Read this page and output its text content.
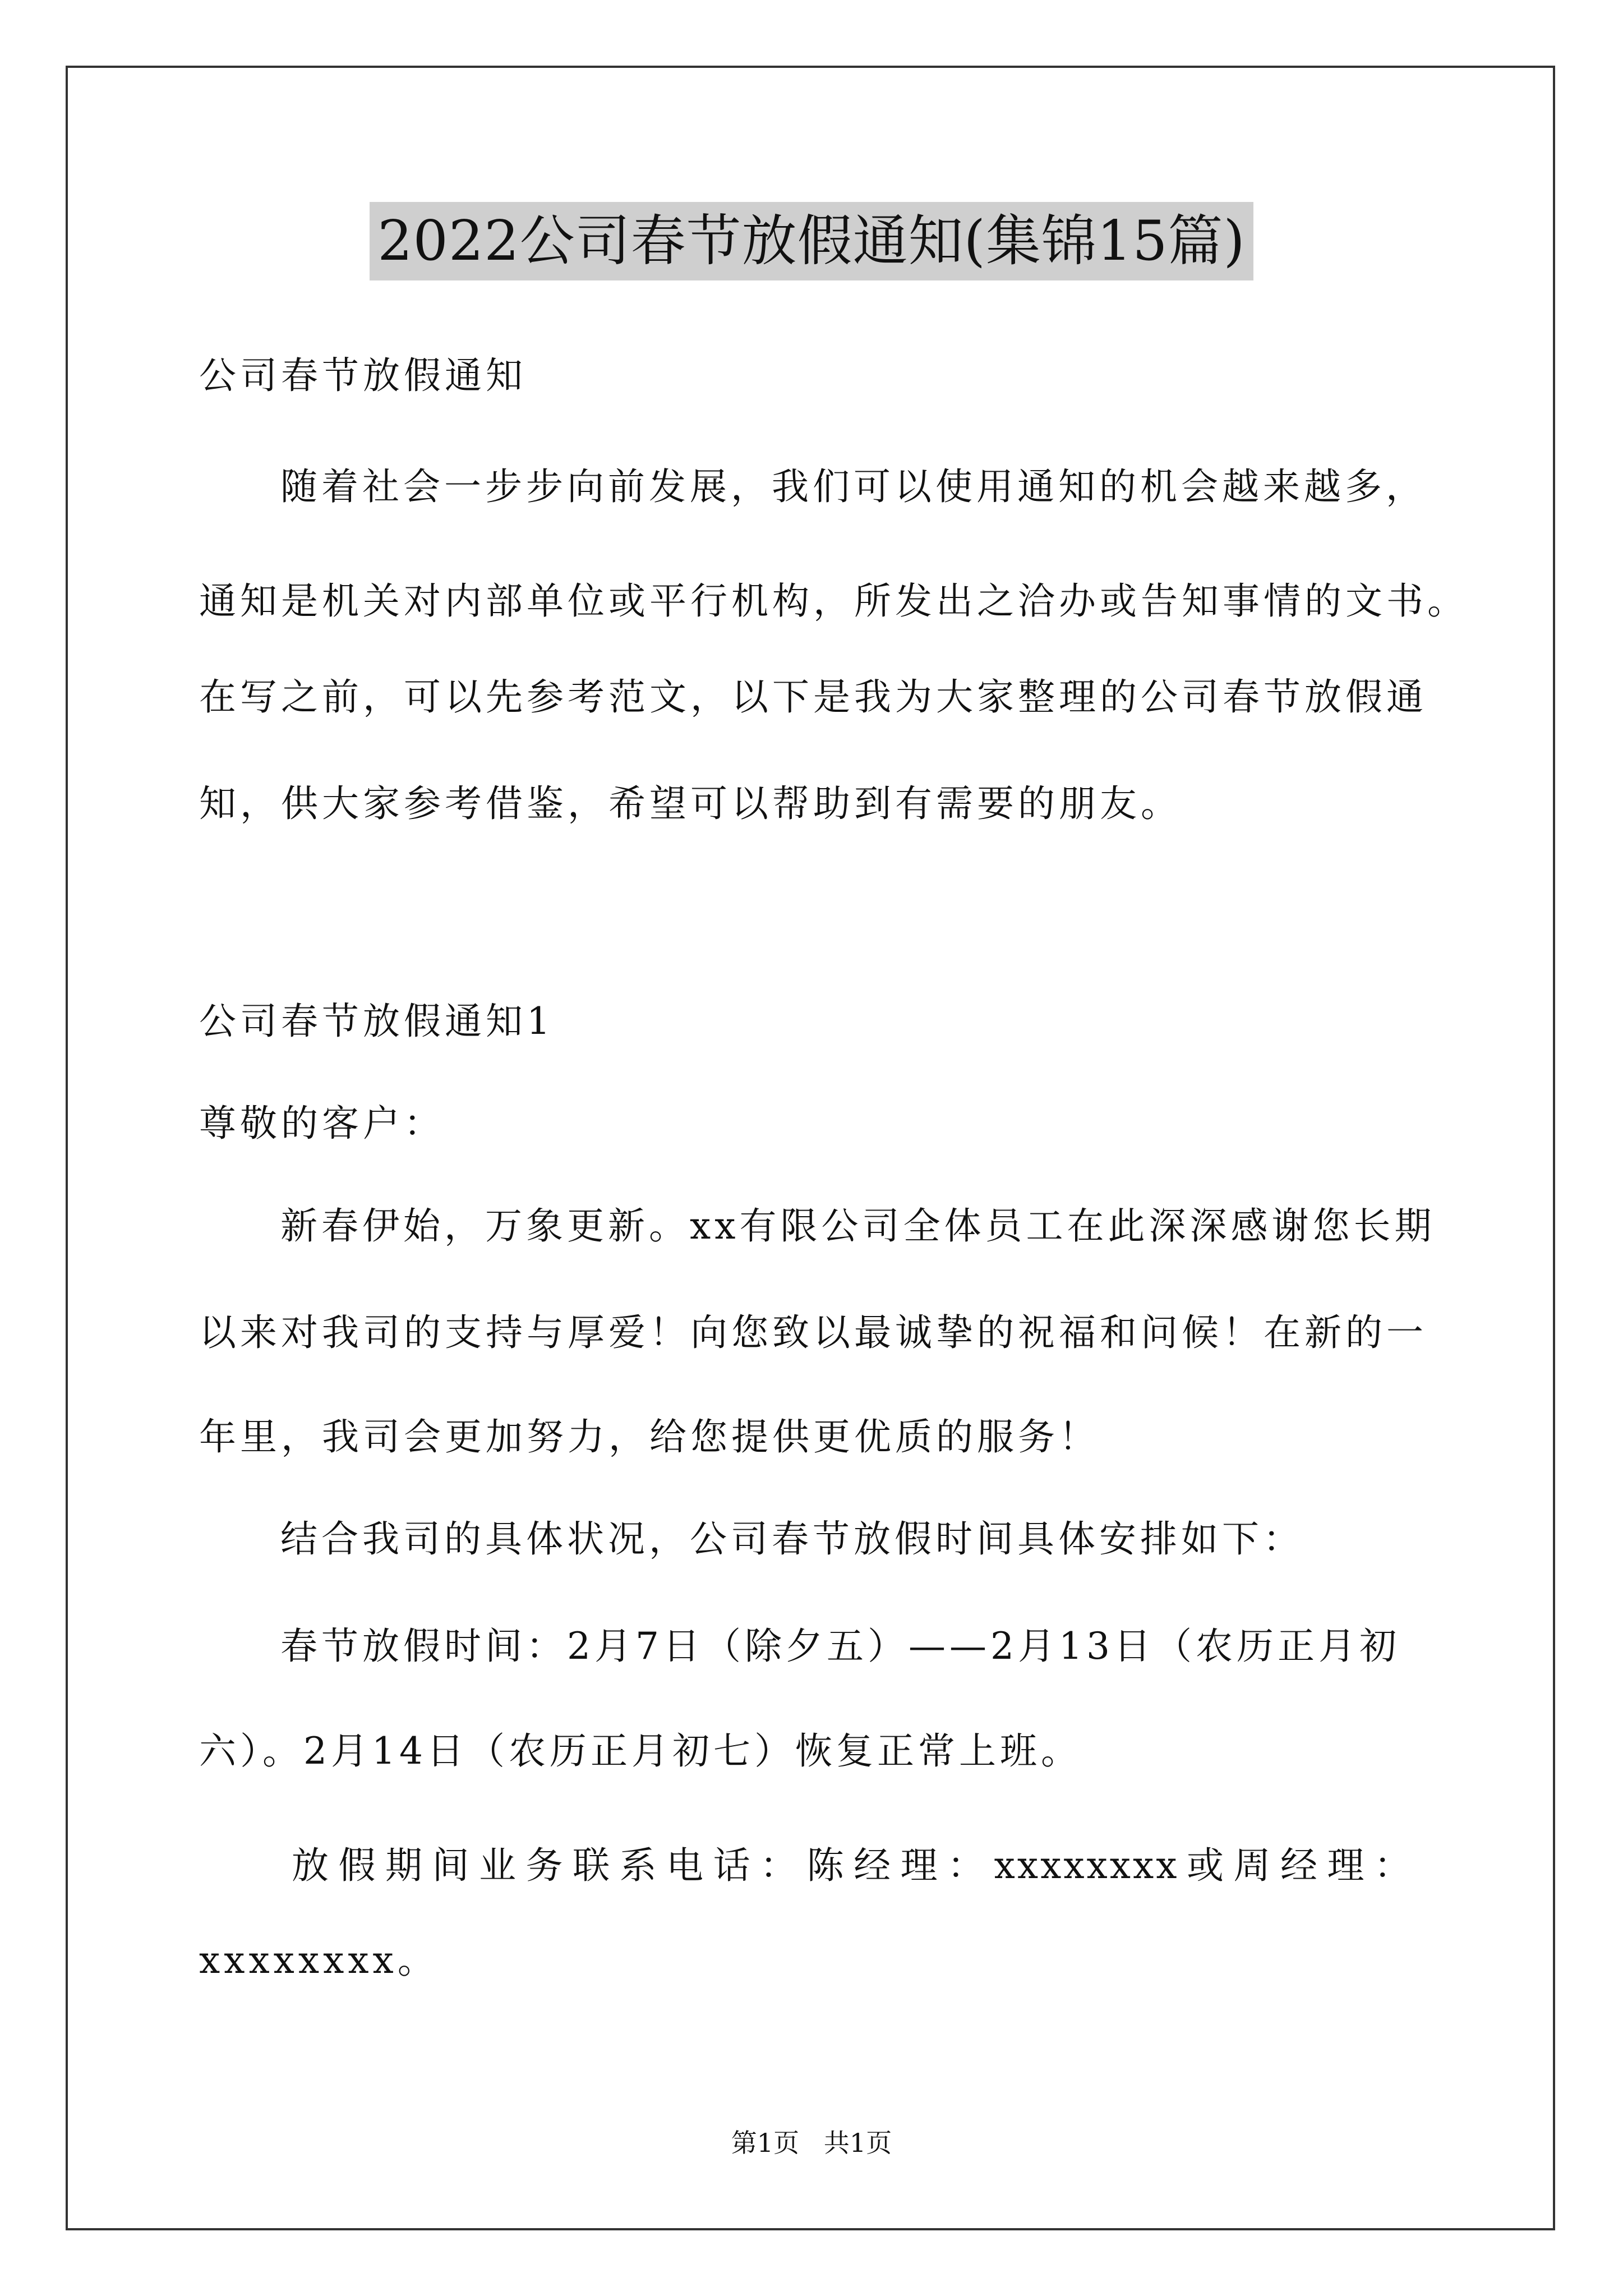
2022公司春节放假通知(集锦15篇)
公司春节放假通知
随着社会一步步向前发展，我们可以使用通知的机会越来越多，
通知是机关对内部单位或平行机构，所发出之洽办或告知事情的文书。
在写之前，可以先参考范文，以下是我为大家整理的公司春节放假通
知，供大家参考借鉴，希望可以帮助到有需要的朋友。
公司春节放假通知1
尊敬的客户：
新春伊始，万象更新。xx有限公司全体员工在此深深感谢您长期
以来对我司的支持与厚爱！向您致以最诚挚的祝福和问候！在新的一
年里，我司会更加努力，给您提供更优质的服务！
结合我司的具体状况，公司春节放假时间具体安排如下：
春节放假时间：2月7日（除夕五）——2月13日（农历正月初
六）。2月14日（农历正月初七）恢复正常上班。
放假期间业务联系电话：陈经理：xxxxxxxx或周经理：
xxxxxxxx。
第1页   共1页
